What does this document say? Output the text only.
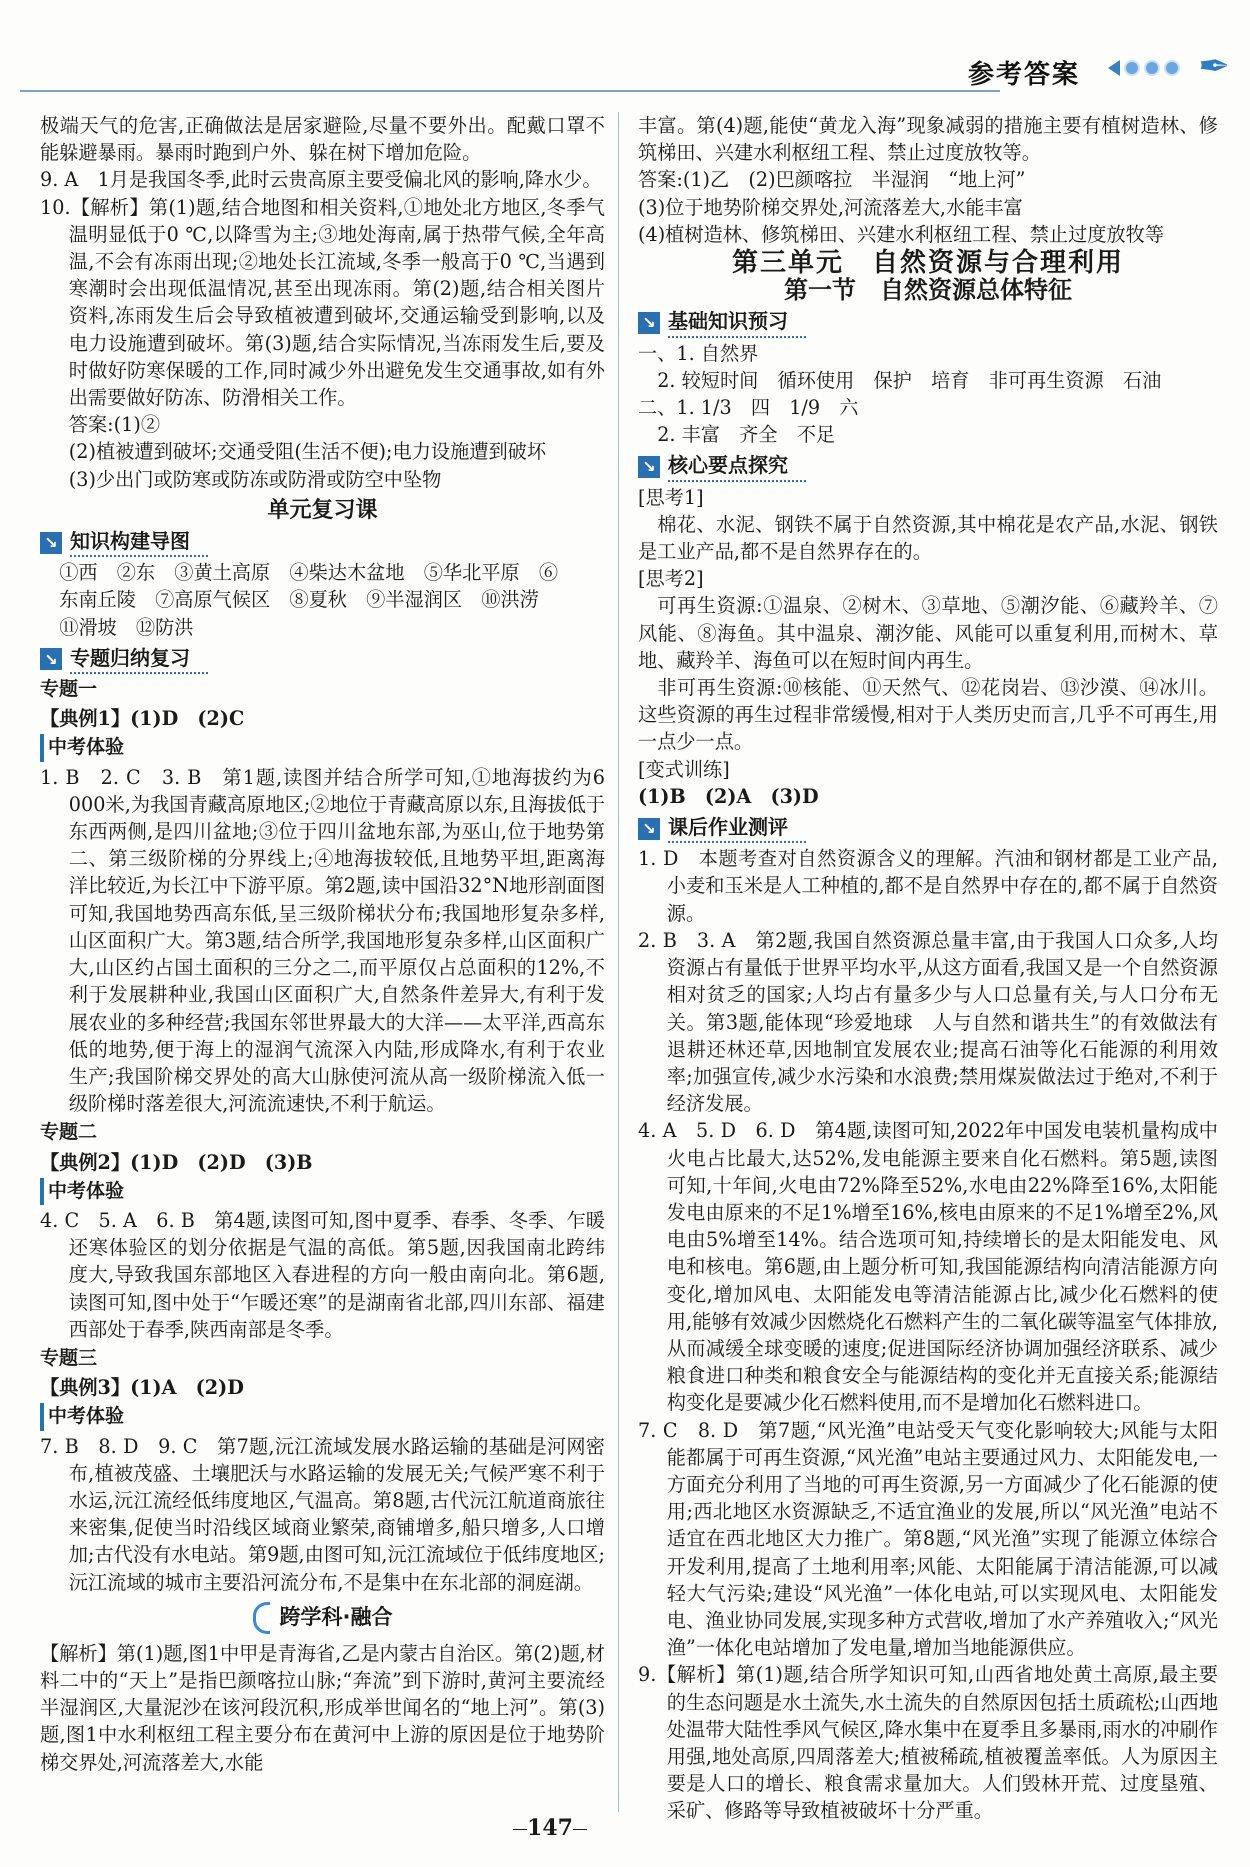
参考答案	✒

极端天气的危害,正确做法是居家避险,尽量不要外出。配戴口罩不能躲避暴雨。暴雨时跑到户外、躲在树下增加危险。

9. A　1月是我国冬季,此时云贵高原主要受偏北风的影响,降水少。

10.【解析】第(1)题,结合地图和相关资料,①地处北方地区,冬季气温明显低于0 ℃,以降雪为主;③地处海南,属于热带气候,全年高温,不会有冻雨出现;②地处长江流域,冬季一般高于0 ℃,当遇到寒潮时会出现低温情况,甚至出现冻雨。第(2)题,结合相关图片资料,冻雨发生后会导致植被遭到破坏,交通运输受到影响,以及电力设施遭到破坏。第(3)题,结合实际情况,当冻雨发生后,要及时做好防寒保暖的工作,同时减少外出避免发生交通事故,如有外出需要做好防冻、防滑相关工作。

答案:(1)②

(2)植被遭到破坏;交通受阻(生活不便);电力设施遭到破坏

(3)少出门或防寒或防冻或防滑或防空中坠物

单元复习课
↘ 知识构建导图

①西　②东　③黄土高原　④柴达木盆地　⑤华北平原　⑥

东南丘陵　⑦高原气候区　⑧夏秋　⑨半湿润区　⑩洪涝

⑪滑坡　⑫防洪

↘ 专题归纳复习
专题一

【典例1】(1)D　(2)C

中考体验

1. B　2. C　3. B　第1题,读图并结合所学可知,①地海拔约为6 000米,为我国青藏高原地区;②地位于青藏高原以东,且海拔低于东西两侧,是四川盆地;③位于四川盆地东部,为巫山,位于地势第二、第三级阶梯的分界线上;④地海拔较低,且地势平坦,距离海洋比较近,为长江中下游平原。第2题,读中国沿32°N地形剖面图可知,我国地势西高东低,呈三级阶梯状分布;我国地形复杂多样,山区面积广大。第3题,结合所学,我国地形复杂多样,山区面积广大,山区约占国土面积的三分之二,而平原仅占总面积的12%,不利于发展耕种业,我国山区面积广大,自然条件差异大,有利于发展农业的多种经营;我国东邻世界最大的大洋——太平洋,西高东低的地势,便于海上的湿润气流深入内陆,形成降水,有利于农业生产;我国阶梯交界处的高大山脉使河流从高一级阶梯流入低一级阶梯时落差很大,河流流速快,不利于航运。

专题二

【典例2】(1)D　(2)D　(3)B

中考体验

4. C　5. A　6. B　第4题,读图可知,图中夏季、春季、冬季、乍暖还寒体验区的划分依据是气温的高低。第5题,因我国南北跨纬度大,导致我国东部地区入春进程的方向一般由南向北。第6题,读图可知,图中处于“乍暖还寒”的是湖南省北部,四川东部、福建西部处于春季,陕西南部是冬季。

专题三

【典例3】(1)A　(2)D

中考体验

7. B　8. D　9. C　第7题,沅江流域发展水路运输的基础是河网密布,植被茂盛、土壤肥沃与水路运输的发展无关;气候严寒不利于水运,沅江流经低纬度地区,气温高。第8题,古代沅江航道商旅往来密集,促使当时沿线区域商业繁荣,商铺增多,船只增多,人口增加;古代没有水电站。第9题,由图可知,沅江流域位于低纬度地区;沅江流域的城市主要沿河流分布,不是集中在东北部的洞庭湖。

跨学科·融合

【解析】第(1)题,图1中甲是青海省,乙是内蒙古自治区。第(2)题,材料二中的“天上”是指巴颜喀拉山脉;“奔流”到下游时,黄河主要流经半湿润区,大量泥沙在该河段沉积,形成举世闻名的“地上河”。第(3)题,图1中水利枢纽工程主要分布在黄河中上游的原因是位于地势阶梯交界处,河流落差大,水能

丰富。第(4)题,能使“黄龙入海”现象减弱的措施主要有植树造林、修筑梯田、兴建水利枢纽工程、禁止过度放牧等。

答案:(1)乙　(2)巴颜喀拉　半湿润　“地上河”

(3)位于地势阶梯交界处,河流落差大,水能丰富

(4)植树造林、修筑梯田、兴建水利枢纽工程、禁止过度放牧等

第三单元　自然资源与合理利用
第一节　自然资源总体特征
↘ 基础知识预习

一、1. 自然界

2. 较短时间　循环使用　保护　培育　非可再生资源　石油

二、1. 1/3　四　1/9　六

2. 丰富　齐全　不足

↘ 核心要点探究

[思考1]

棉花、水泥、钢铁不属于自然资源,其中棉花是农产品,水泥、钢铁是工业产品,都不是自然界存在的。

[思考2]

可再生资源:①温泉、②树木、③草地、⑤潮汐能、⑥藏羚羊、⑦风能、⑧海鱼。其中温泉、潮汐能、风能可以重复利用,而树木、草地、藏羚羊、海鱼可以在短时间内再生。

非可再生资源:⑩核能、⑪天然气、⑫花岗岩、⑬沙漠、⑭冰川。这些资源的再生过程非常缓慢,相对于人类历史而言,几乎不可再生,用一点少一点。

[变式训练]

(1)B　(2)A　(3)D

↘ 课后作业测评

1. D　本题考查对自然资源含义的理解。汽油和钢材都是工业产品,小麦和玉米是人工种植的,都不是自然界中存在的,都不属于自然资源。

2. B　3. A　第2题,我国自然资源总量丰富,由于我国人口众多,人均资源占有量低于世界平均水平,从这方面看,我国又是一个自然资源相对贫乏的国家;人均占有量多少与人口总量有关,与人口分布无关。第3题,能体现“珍爱地球　人与自然和谐共生”的有效做法有退耕还林还草,因地制宜发展农业;提高石油等化石能源的利用效率;加强宣传,减少水污染和水浪费;禁用煤炭做法过于绝对,不利于经济发展。

4. A　5. D　6. D　第4题,读图可知,2022年中国发电装机量构成中火电占比最大,达52%,发电能源主要来自化石燃料。第5题,读图可知,十年间,火电由72%降至52%,水电由22%降至16%,太阳能发电由原来的不足1%增至16%,核电由原来的不足1%增至2%,风电由5%增至14%。结合选项可知,持续增长的是太阳能发电、风电和核电。第6题,由上题分析可知,我国能源结构向清洁能源方向变化,增加风电、太阳能发电等清洁能源占比,减少化石燃料的使用,能够有效减少因燃烧化石燃料产生的二氧化碳等温室气体排放,从而减缓全球变暖的速度;促进国际经济协调加强经济联系、减少粮食进口种类和粮食安全与能源结构的变化并无直接关系;能源结构变化是要减少化石燃料使用,而不是增加化石燃料进口。

7. C　8. D　第7题,“风光渔”电站受天气变化影响较大;风能与太阳能都属于可再生资源,“风光渔”电站主要通过风力、太阳能发电,一方面充分利用了当地的可再生资源,另一方面减少了化石能源的使用;西北地区水资源缺乏,不适宜渔业的发展,所以“风光渔”电站不适宜在西北地区大力推广。第8题,“风光渔”实现了能源立体综合开发利用,提高了土地利用率;风能、太阳能属于清洁能源,可以减轻大气污染;建设“风光渔”一体化电站,可以实现风电、太阳能发电、渔业协同发展,实现多种方式营收,增加了水产养殖收入;“风光渔”一体化电站增加了发电量,增加当地能源供应。

9.【解析】第(1)题,结合所学知识可知,山西省地处黄土高原,最主要的生态问题是水土流失,水土流失的自然原因包括土质疏松;山西地处温带大陆性季风气候区,降水集中在夏季且多暴雨,雨水的冲刷作用强,地处高原,四周落差大;植被稀疏,植被覆盖率低。人为原因主要是人口的增长、粮食需求量加大。人们毁林开荒、过度垦殖、采矿、修路等导致植被破坏十分严重。

147
